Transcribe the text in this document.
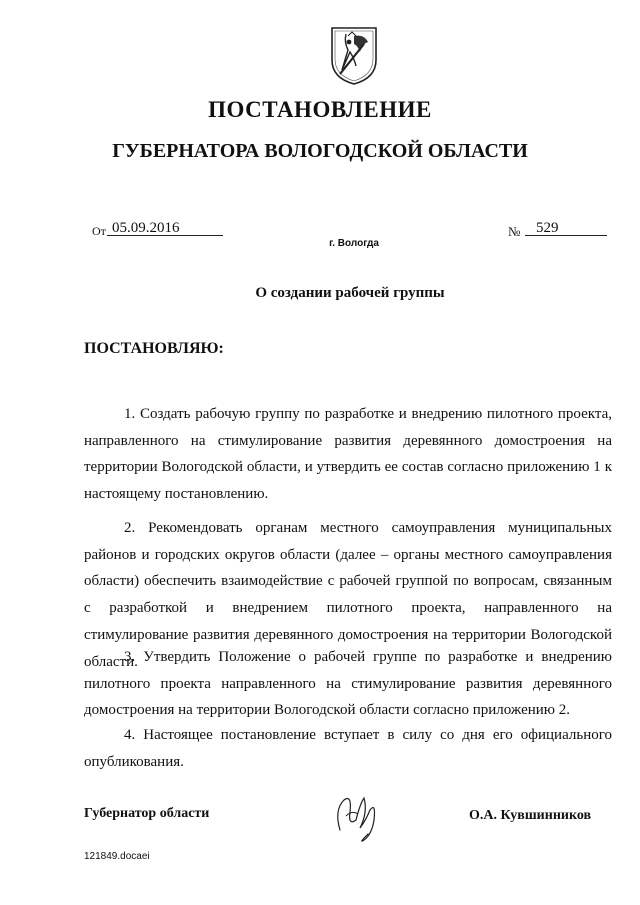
ПОСТАНОВЛЕНИЕ
ГУБЕРНАТОРА ВОЛОГОДСКОЙ ОБЛАСТИ
От 05.09.2016	№ 529
г. Вологда
О создании рабочей группы
ПОСТАНОВЛЯЮ:

1. Создать рабочую группу по разработке и внедрению пилотного проекта, направленного на стимулирование развития деревянного домостроения на территории Вологодской области, и утвердить ее состав согласно приложению 1 к настоящему постановлению.

2. Рекомендовать органам местного самоуправления муниципальных районов и городских округов области (далее – органы местного самоуправления области) обеспечить взаимодействие с рабочей группой по вопросам, связанным с разработкой и внедрением пилотного проекта, направленного на стимулирование развития деревянного домостроения на территории Вологодской области.

3. Утвердить Положение о рабочей группе по разработке и внедрению пилотного проекта направленного на стимулирование развития деревянного домостроения на территории Вологодской области согласно приложению 2.

4. Настоящее постановление вступает в силу со дня его официального опубликования.

Губернатор области	О.А. Кувшинников
121849.docaei
